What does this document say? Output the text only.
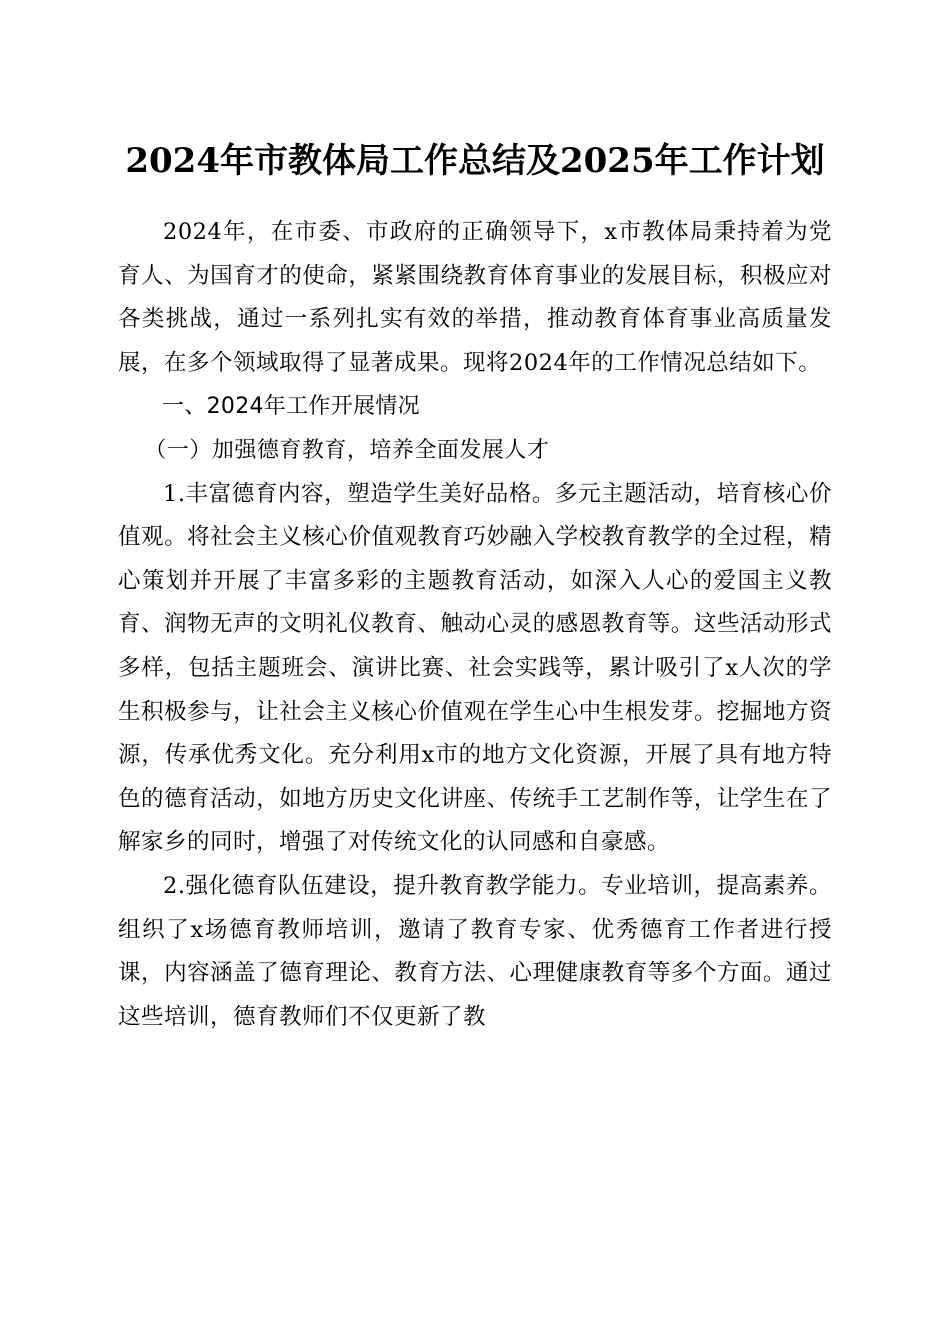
2024年市教体局工作总结及2025年工作计划

2024年，在市委、市政府的正确领导下，x市教体局秉持着为党育人、为国育才的使命，紧紧围绕教育体育事业的发展目标，积极应对各类挑战，通过一系列扎实有效的举措，推动教育体育事业高质量发展，在多个领域取得了显著成果。现将2024年的工作情况总结如下。

一、2024年工作开展情况

（一）加强德育教育，培养全面发展人才

1.丰富德育内容，塑造学生美好品格。多元主题活动，培育核心价值观。将社会主义核心价值观教育巧妙融入学校教育教学的全过程，精心策划并开展了丰富多彩的主题教育活动，如深入人心的爱国主义教育、润物无声的文明礼仪教育、触动心灵的感恩教育等。这些活动形式多样，包括主题班会、演讲比赛、社会实践等，累计吸引了x人次的学生积极参与，让社会主义核心价值观在学生心中生根发芽。挖掘地方资源，传承优秀文化。充分利用x市的地方文化资源，开展了具有地方特色的德育活动，如地方历史文化讲座、传统手工艺制作等，让学生在了解家乡的同时，增强了对传统文化的认同感和自豪感。

2.强化德育队伍建设，提升教育教学能力。专业培训，提高素养。组织了x场德育教师培训，邀请了教育专家、优秀德育工作者进行授课，内容涵盖了德育理论、教育方法、心理健康教育等多个方面。通过这些培训，德育教师们不仅更新了教
